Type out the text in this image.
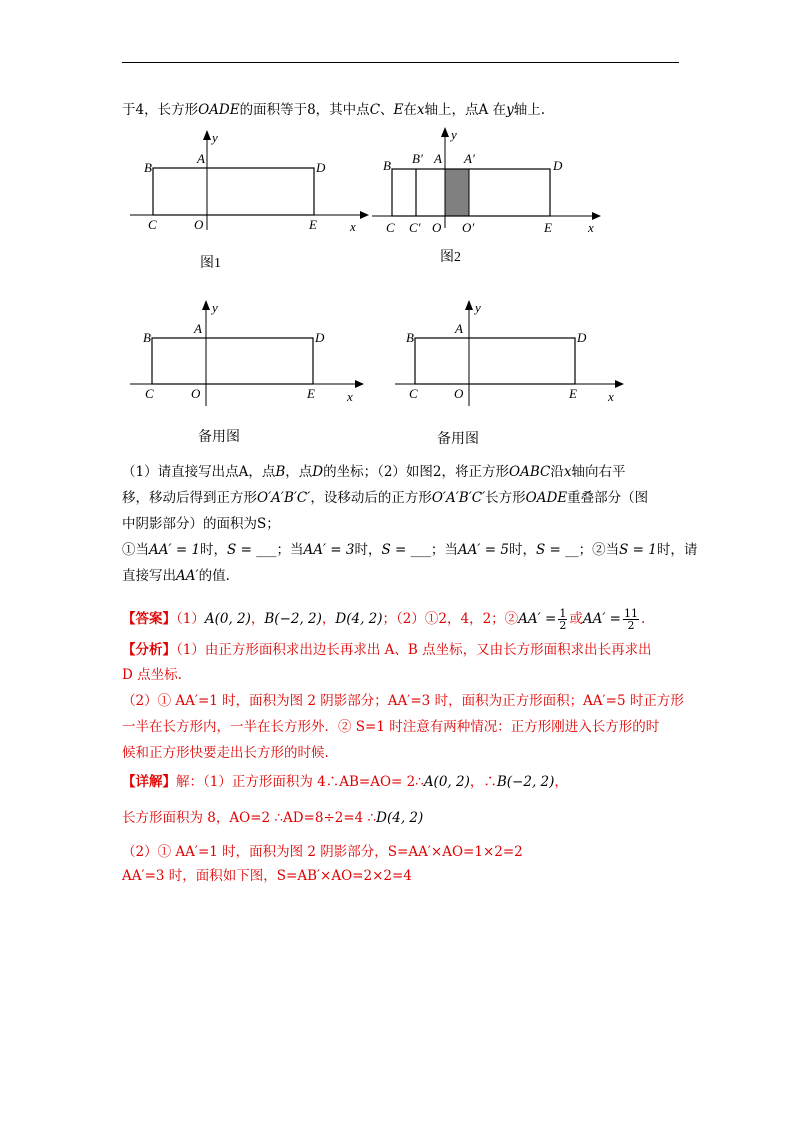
于4，长方形OADE的面积等于8，其中点C、E在x轴上，点A 在y轴上.
B
A
D
C	O	E	x
y
图1
B B′ A A′	D
C C′ O O′	E	x
y
图2
B
A
D
C	O	E x
y
备用图
B
A
D
C	O	E x
y
备用图
（1）请直接写出点A，点B，点D的坐标；（2）如图2，将正方形OABC沿x轴向右平
移，移动后得到正方形O′A′B′C′，设移动后的正方形O′A′B′C′长方形OADE重叠部分（图
中阴影部分）的面积为S；
①当AA′ = 1时，S = ___；当AA′ = 3时，S = ___；当AA′ = 5时，S = __；②当S = 1时，请
直接写出AA′的值.
【答案】（1）A(0, 2)，B(−2, 2)，D(4, 2)；（2）①2，4，2；②AA′ = $\frac{1}{2}$ 或$AA' = \frac{11}{2}$ .
【分析】（1）由正方形面积求出边长再求出 A、B 点坐标，又由长方形面积求出长再求出
D 点坐标.
（2）① AA′=1 时，面积为图 2 阴影部分；AA′=3 时，面积为正方形面积；AA′=5 时正方形
一半在长方形内，一半在长方形外．② S=1 时注意有两种情况：正方形刚进入长方形的时
候和正方形快要走出长方形的时候.
【详解】解：（1）正方形面积为 4∴AB=AO= 2∴A(0, 2)，∴B(−2, 2)，
长方形面积为 8，AO=2 ∴AD=8÷2=4 ∴D(4, 2)
（2）① AA′=1 时，面积为图 2 阴影部分，S=AA′×AO=1×2=2
AA′=3 时，面积如下图，S=AB′×AO=2×2=4
